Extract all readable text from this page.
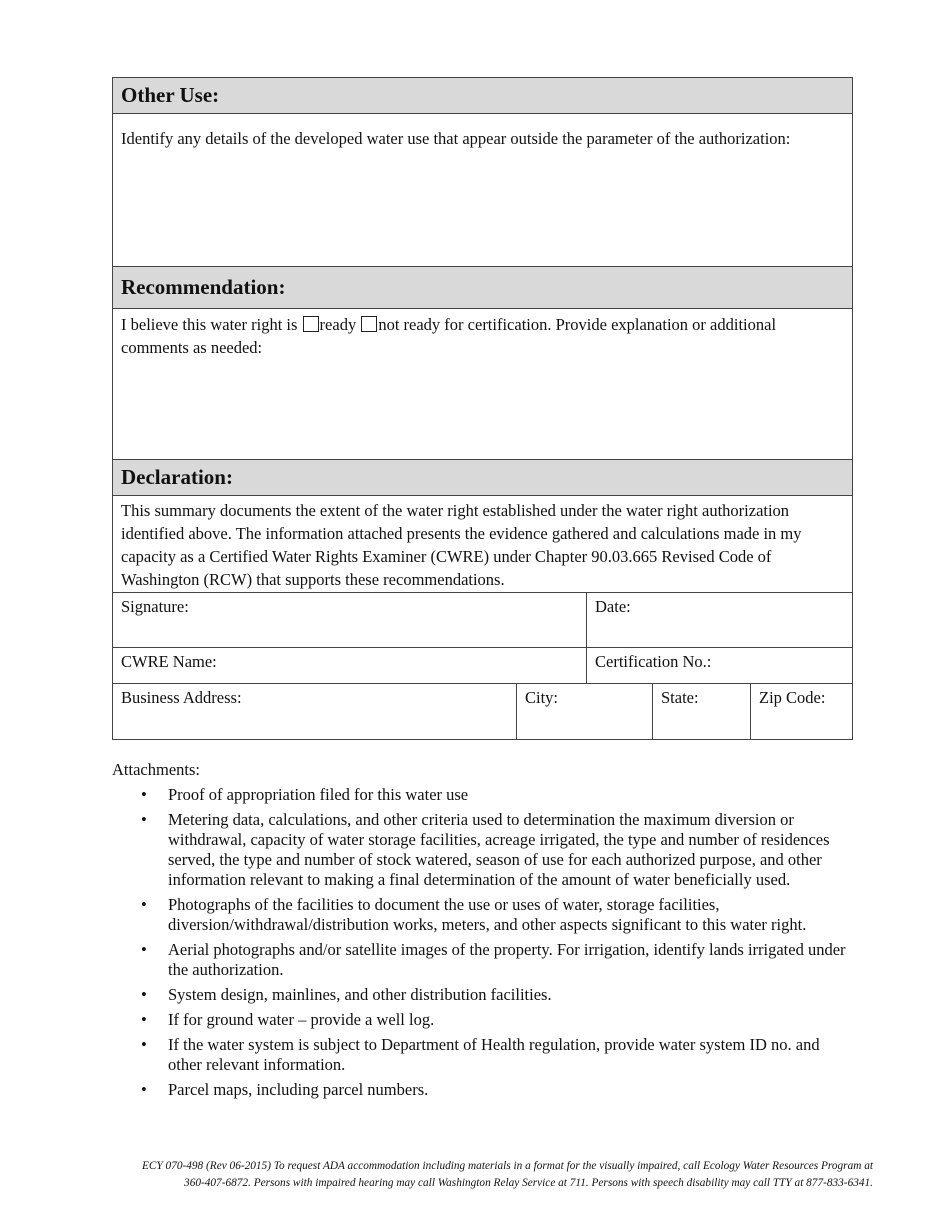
Other Use:
Identify any details of the developed water use that appear outside the parameter of the authorization:
Recommendation:
I believe this water right is ready not ready for certification. Provide explanation or additional comments as needed:
Declaration:
This summary documents the extent of the water right established under the water right authorization identified above. The information attached presents the evidence gathered and calculations made in my capacity as a Certified Water Rights Examiner (CWRE) under Chapter 90.03.665 Revised Code of Washington (RCW) that supports these recommendations.
Signature:	Date:
CWRE Name:	Certification No.:
Business Address:	City:	State:	Zip Code:
Attachments:
• Proof of appropriation filed for this water use
• Metering data, calculations, and other criteria used to determination the maximum diversion or withdrawal, capacity of water storage facilities, acreage irrigated, the type and number of residences served, the type and number of stock watered, season of use for each authorized purpose, and other information relevant to making a final determination of the amount of water beneficially used.
• Photographs of the facilities to document the use or uses of water, storage facilities, diversion/withdrawal/distribution works, meters, and other aspects significant to this water right.
• Aerial photographs and/or satellite images of the property. For irrigation, identify lands irrigated under the authorization.
• System design, mainlines, and other distribution facilities.
• If for ground water – provide a well log.
• If the water system is subject to Department of Health regulation, provide water system ID no. and other relevant information.
• Parcel maps, including parcel numbers.
ECY 070-498 (Rev 06-2015) To request ADA accommodation including materials in a format for the visually impaired, call Ecology Water Resources Program at
360-407-6872. Persons with impaired hearing may call Washington Relay Service at 711. Persons with speech disability may call TTY at 877-833-6341.
